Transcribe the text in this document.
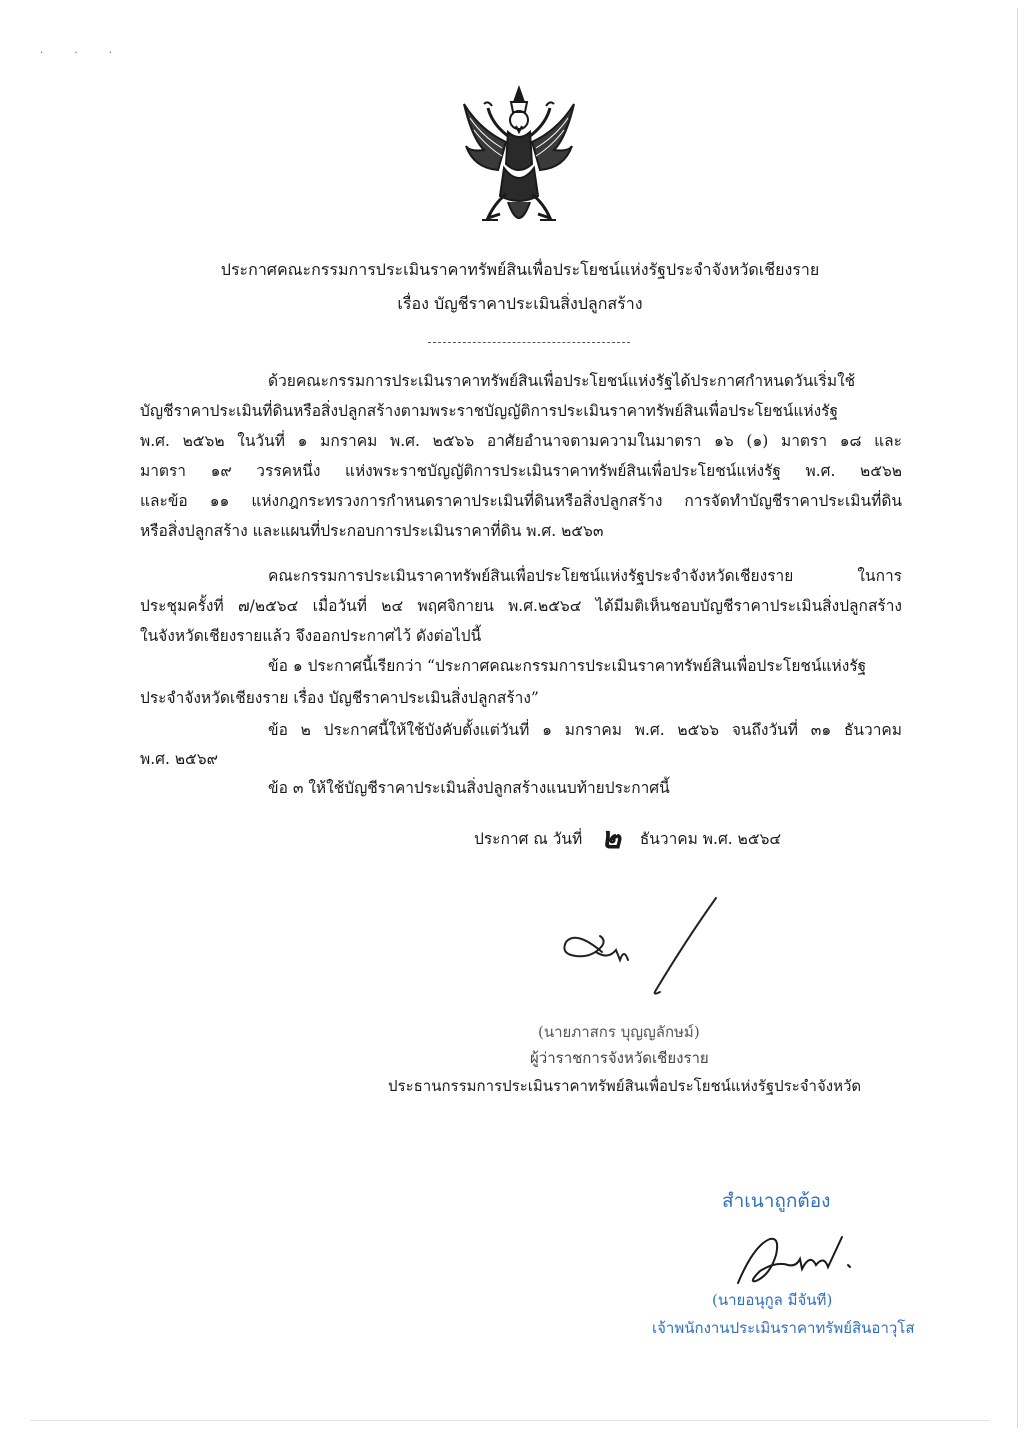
· · ·
ประกาศคณะกรรมการประเมินราคาทรัพย์สินเพื่อประโยชน์แห่งรัฐประจำจังหวัดเชียงราย
เรื่อง บัญชีราคาประเมินสิ่งปลูกสร้าง
ด้วยคณะกรรมการประเมินราคาทรัพย์สินเพื่อประโยชน์แห่งรัฐได้ประกาศกำหนดวันเริ่มใช้
บัญชีราคาประเมินที่ดินหรือสิ่งปลูกสร้างตามพระราชบัญญัติการประเมินราคาทรัพย์สินเพื่อประโยชน์แห่งรัฐ
พ.ศ. ๒๕๖๒ ในวันที่ ๑ มกราคม พ.ศ. ๒๕๖๖ อาศัยอำนาจตามความในมาตรา ๑๖ (๑) มาตรา ๑๘ และ
มาตรา ๑๙ วรรคหนึ่ง แห่งพระราชบัญญัติการประเมินราคาทรัพย์สินเพื่อประโยชน์แห่งรัฐ พ.ศ. ๒๕๖๒
และข้อ ๑๑ แห่งกฎกระทรวงการกำหนดราคาประเมินที่ดินหรือสิ่งปลูกสร้าง การจัดทำบัญชีราคาประเมินที่ดิน
หรือสิ่งปลูกสร้าง และแผนที่ประกอบการประเมินราคาที่ดิน พ.ศ. ๒๕๖๓
คณะกรรมการประเมินราคาทรัพย์สินเพื่อประโยชน์แห่งรัฐประจำจังหวัดเชียงราย ในการ
ประชุมครั้งที่ ๗/๒๕๖๔ เมื่อวันที่ ๒๔ พฤศจิกายน พ.ศ.๒๕๖๔ ได้มีมติเห็นชอบบัญชีราคาประเมินสิ่งปลูกสร้าง
ในจังหวัดเชียงรายแล้ว จึงออกประกาศไว้ ดังต่อไปนี้
ข้อ ๑ ประกาศนี้เรียกว่า “ประกาศคณะกรรมการประเมินราคาทรัพย์สินเพื่อประโยชน์แห่งรัฐ
ประจำจังหวัดเชียงราย เรื่อง บัญชีราคาประเมินสิ่งปลูกสร้าง”
ข้อ ๒ ประกาศนี้ให้ใช้บังคับตั้งแต่วันที่ ๑ มกราคม พ.ศ. ๒๕๖๖ จนถึงวันที่ ๓๑ ธันวาคม
พ.ศ. ๒๕๖๙
ข้อ ๓ ให้ใช้บัญชีราคาประเมินสิ่งปลูกสร้างแนบท้ายประกาศนี้
ประกาศ ณ วันที่ ๒ ธันวาคม พ.ศ. ๒๕๖๔
(นายภาสกร บุญญลักษม์)
ผู้ว่าราชการจังหวัดเชียงราย
ประธานกรรมการประเมินราคาทรัพย์สินเพื่อประโยชน์แห่งรัฐประจำจังหวัด
สำเนาถูกต้อง
(นายอนุกูล มีจันที)
เจ้าพนักงานประเมินราคาทรัพย์สินอาวุโส
